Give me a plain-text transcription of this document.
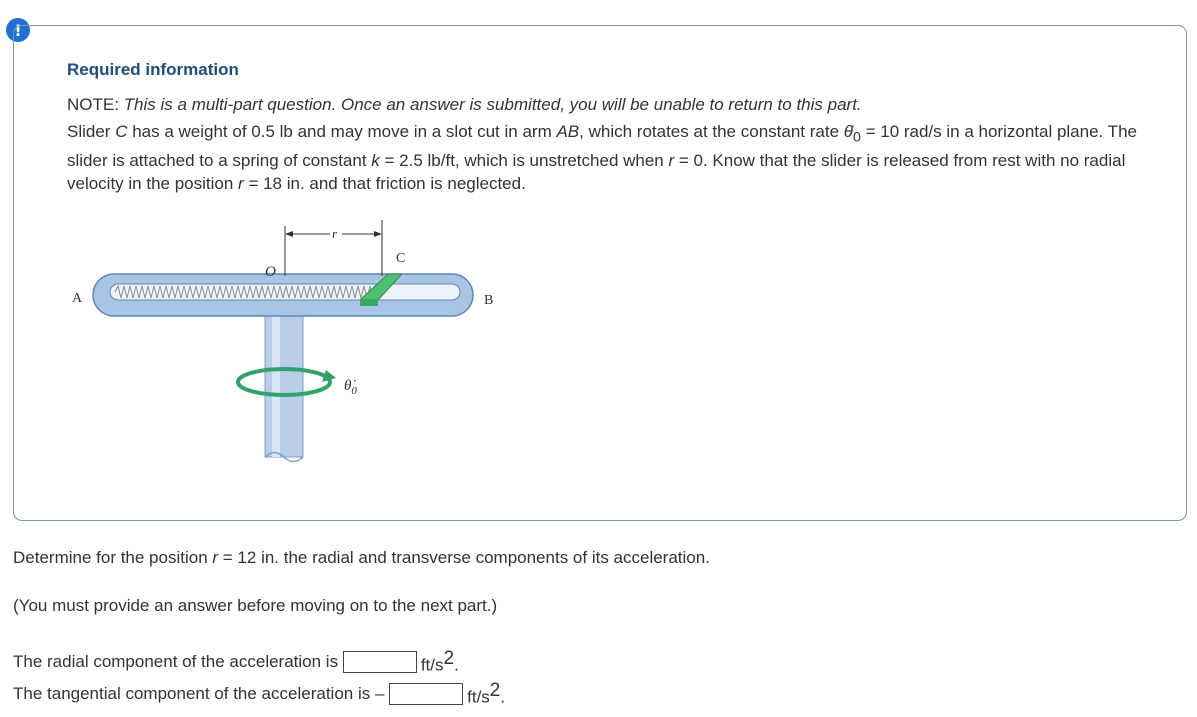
!
Required information
NOTE: This is a multi-part question. Once an answer is submitted, you will be unable to return to this part.
Slider C has a weight of 0.5 lb and may move in a slot cut in arm AB, which rotates at the constant rate $\thetȧ_0 = 10$ rad/s in a horizontal plane. The slider is attached to a spring of constant k = 2.5 lb/ft, which is unstretched when r = 0. Know that the slider is released from rest with no radial velocity in the position r = 18 in. and that friction is neglected.
r
O
C
A	B
$\thetȧ_0$
Determine for the position r = 12 in. the radial and transverse components of its acceleration.
(You must provide an answer before moving on to the next part.)
The radial component of the acceleration is	$ft/s^2$.
The tangential component of the acceleration is –	$ft/s^2$.
